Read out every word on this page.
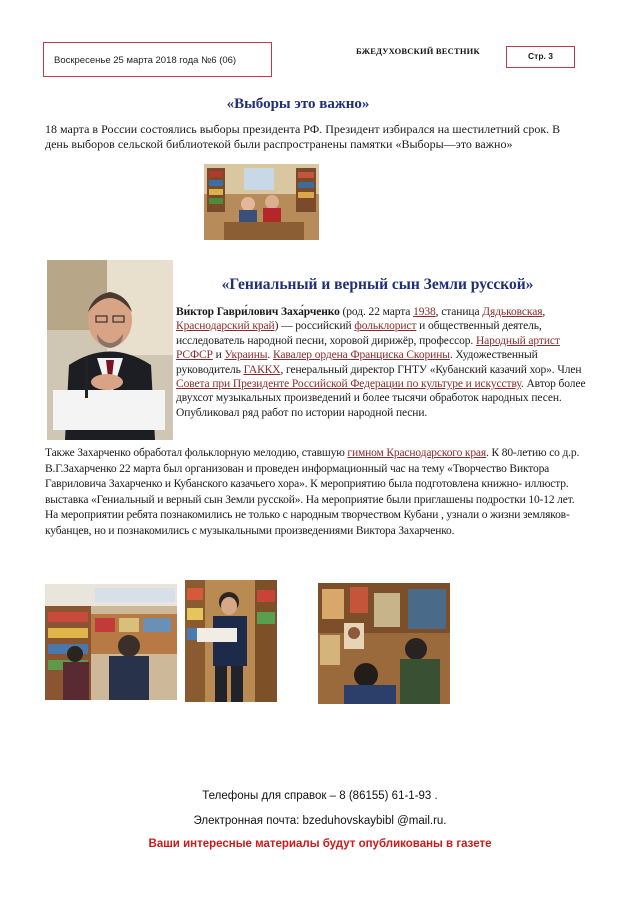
Воскресенье 25 марта 2018 года №6 (06)
БЖЕДУХОВСКИЙ ВЕСТНИК	Стр. 3
«Выборы это важно»
18 марта в России состоялись выборы президента РФ. Президент избирался на шестилетний срок. В день выборов сельской библиотекой были распространены памятки «Выборы—это важно»
«Гениальный и верный сын Земли русской»
Ви́ктор Гаври́лович Заха́рченко (род. 22 марта 1938, станица Дядьковская, Краснодарский край) — российский фольклорист и общественный деятель, исследователь народной песни, хоровой дирижёр, профессор. Народный артист РСФСР и Украины. Кавалер ордена Франциска Скорины. Художественный руководитель ГАККХ, генеральный директор ГНТУ «Кубанский казачий хор». Член Совета при Президенте Российской Федерации по культуре и искусству. Автор более двухсот музыкальных произведений и более тысячи обработок народных песен. Опубликовал ряд работ по истории народной песни.
Также Захарченко обработал фольклорную мелодию, ставшую гимном Краснодарского края. К 80-летию со д.р. В.Г.Захарченко 22 марта был организован и проведен информационный час на тему «Творчество Виктора Гавриловича Захарченко и Кубанского казачьего хора». К мероприятию была подготовлена книжно- иллюстр. выставка «Гениальный и верный сын Земли русской». На мероприятие были приглашены подростки 10-12 лет. На мероприятии ребята познакомились не только с народным творчеством Кубани , узнали о жизни земляков- кубанцев, но и познакомились с музыкальными произведениями Виктора Захарченко.
Телефоны для справок – 8 (86155) 61-1-93 .
Электронная почта: bzeduhovskaybibl @mail.ru.
Ваши интересные материалы будут опубликованы в газете
